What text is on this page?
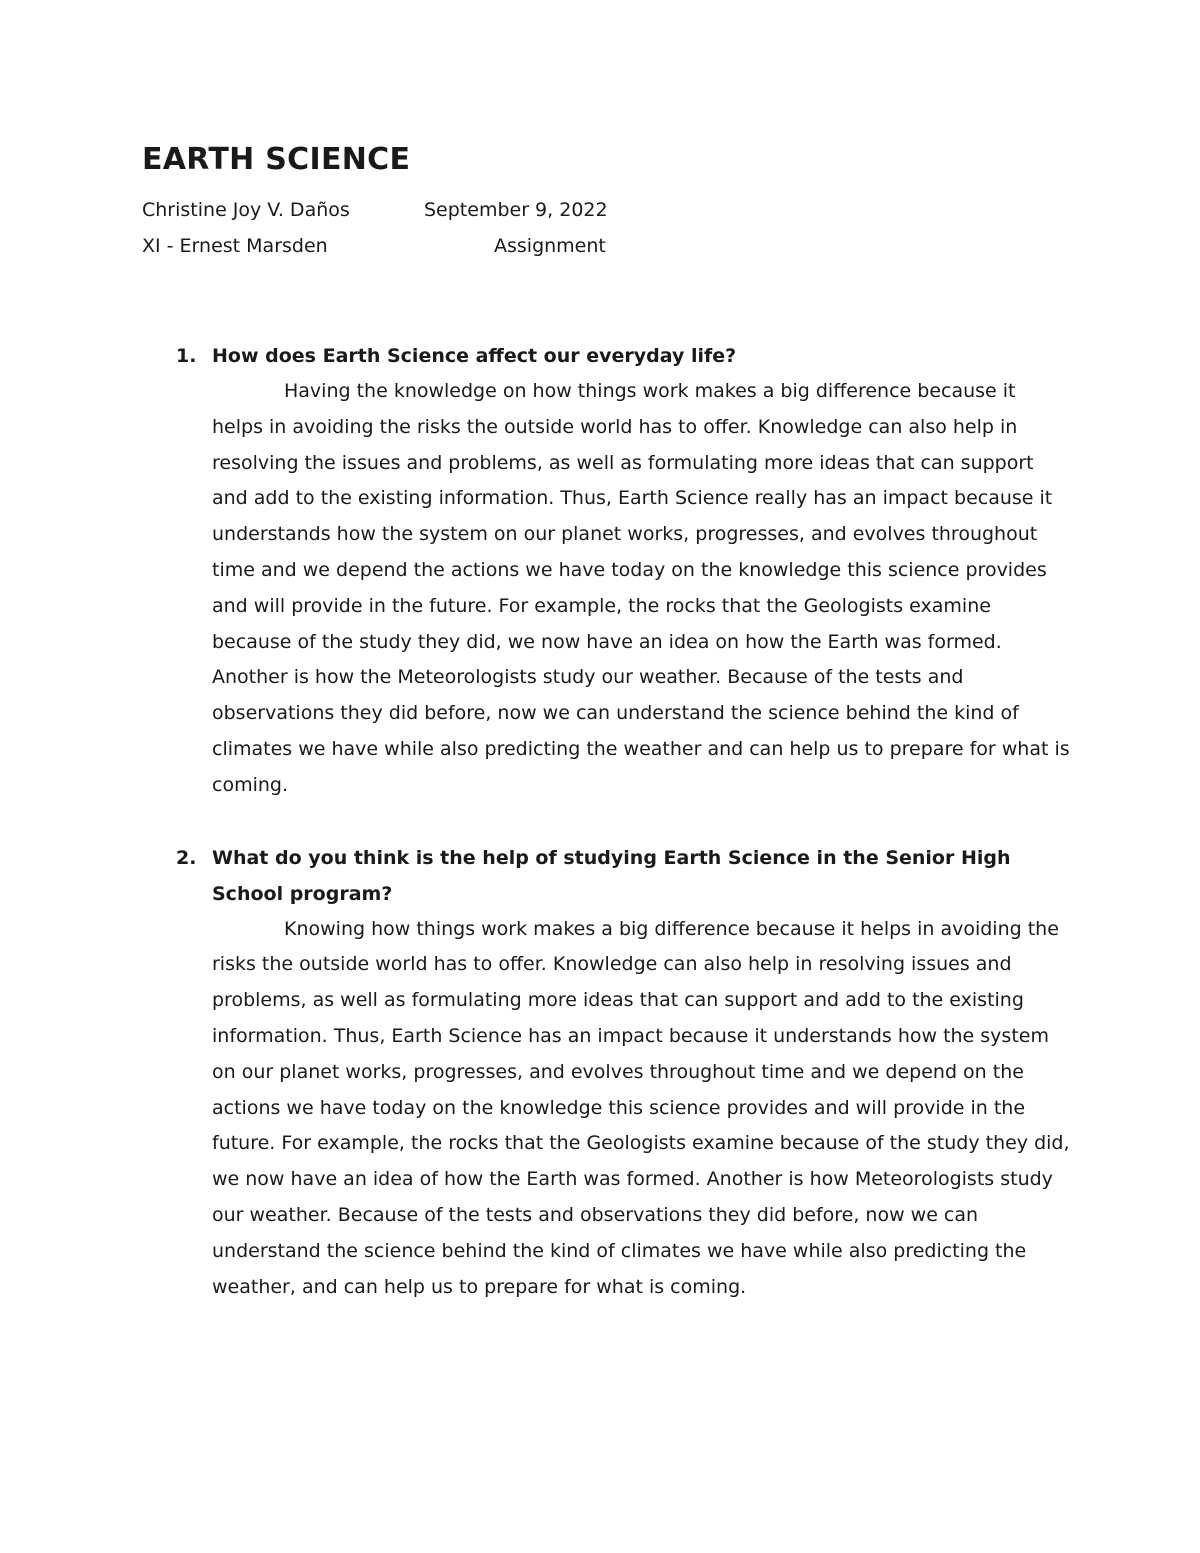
EARTH SCIENCE
Christine Joy V. Daños	September 9, 2022
XI - Ernest Marsden	Assignment
1. How does Earth Science affect our everyday life?

Having the knowledge on how things work makes a big difference because it helps in avoiding the risks the outside world has to offer. Knowledge can also help in resolving the issues and problems, as well as formulating more ideas that can support and add to the existing information. Thus, Earth Science really has an impact because it understands how the system on our planet works, progresses, and evolves throughout time and we depend the actions we have today on the knowledge this science provides and will provide in the future. For example, the rocks that the Geologists examine because of the study they did, we now have an idea on how the Earth was formed. Another is how the Meteorologists study our weather. Because of the tests and observations they did before, now we can understand the science behind the kind of climates we have while also predicting the weather and can help us to prepare for what is coming.

2. What do you think is the help of studying Earth Science in the Senior High School program?

Knowing how things work makes a big difference because it helps in avoiding the risks the outside world has to offer. Knowledge can also help in resolving issues and problems, as well as formulating more ideas that can support and add to the existing information. Thus, Earth Science has an impact because it understands how the system on our planet works, progresses, and evolves throughout time and we depend on the actions we have today on the knowledge this science provides and will provide in the future. For example, the rocks that the Geologists examine because of the study they did, we now have an idea of how the Earth was formed. Another is how Meteorologists study our weather. Because of the tests and observations they did before, now we can understand the science behind the kind of climates we have while also predicting the weather, and can help us to prepare for what is coming.
